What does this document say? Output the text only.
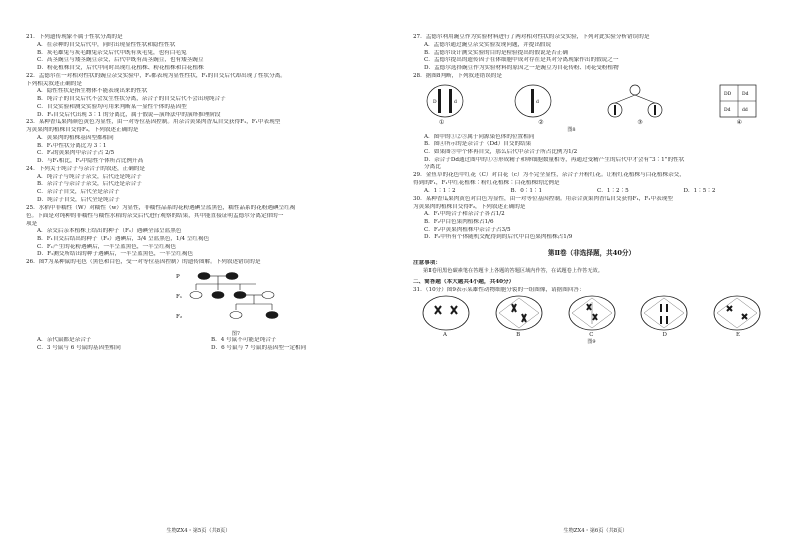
21．下列遗传现象不属于性状分离的是
A．在杂种的自交后代中，同时出现显性性状和隐性性状
B．灰毛雄兔与灰毛雌兔杂交后代中既有灰毛兔，也有白毛兔
C．高茎豌豆与矮茎豌豆杂交，后代中既有高茎豌豆，也有矮茎豌豆
D．粉花植株自交，后代中同时出现红花植株、粉花植株和白花植株
22．孟德尔在一对相对性状的豌豆杂交实验中，F₁都表现为显性性状，F₁的自交后代却出现了性状分离。
下列相关叙述正确的是
A．隐性性状是指生物体不能表现出来的性状
B．纯合子的自交后代不会发生性状分离，杂合子的自交后代不会出现纯合子
C．自交实验和测交实验均可用来判断某一显性个体的基因型
D．F₁自交后代出现 3∶1 的分离比，属于假说—演绎法中的演绎推理阶段
23．某种香瓜果肉颜色黄色为显性，由一对等位基因控制。用杂合黄果肉香瓜自交获得F₁，F₁中表现型
为黄果肉的植株自交得F₂，下列叙述正确的是
A．黄果肉的植株基因型都相同
B．F₁中性状分离比为 3∶1
C．F₂的黄果肉中杂合子占 2/5
D．与F₁相比，F₂中隐性个体所占比例升高
24．下列关于纯合子与杂合子的叙述，正确的是
A．纯合子与纯合子杂交，后代还是纯合子
B．杂合子与杂合子杂交，后代还是杂合子
C．杂合子自交，后代全是杂合子
D．纯合子自交，后代全是纯合子
25．水稻中非糯性（W）对糯性（w）为显性，非糯性品系的花粉遇碘呈蓝黑色，糯性品系的花粉遇碘呈红褐
色。下面是对纯种的非糯性与糯性水稻的杂交后代进行观察的结果，其中能直接证明孟德尔分离定律的一
项是
A．杂交后亲本植株上结出的种子（F₁）遇碘全部呈蓝黑色
B．F₁自交后结出的种子（F₂）遇碘后，3/4 呈蓝黑色，1/4 呈红褐色
C．F₁产生的花粉遇碘后，一半呈蓝黑色，一半呈红褐色
D．F₁测交所结出的种子遇碘后，一半呈蓝黑色，一半呈红褐色
26．图7为某种鼠的毛色（黑色和白色，受一对等位基因控制）的遗传图解。下列叙述错误的是
P
F₁
F₂
图7
A．亲代鼠都是杂合子	B．4 号鼠不可能是纯合子
C．3 号鼠与 6 号鼠的基因型相同	D．6 号鼠与 7 号鼠的基因型一定相同
生物ZX4・第5页（共8页）
27．孟德尔利用豌豆作为实验材料进行了两对相对性状的杂交实验，下列对此实验分析错误的是
A．孟德尔通过豌豆杂交实验发现问题，并提出假说
B．孟德尔设计测交实验的目的是检验提出的假说是否正确
C．孟德尔提出的遗传因子在体细胞中成对存在是其对分离现象作出的假说之一
D．孟德尔选择豌豆作为实验材料的原因之一是豌豆为自花传粉、闭花受粉植物
28．据图8判断，下列叙述错误的是
D	d	d
DD Dd
Dd	dd
①	②	③	④
图8
A．图中的①②③属于同源染色体的位置相同
B．图④所示的是杂合子（Dd）自交的结果
C．如果图③中个体再自交，那么后代中杂合子所占比例为1/2
D．杂合子Dd通过图中的①③形成精子和卵细胞数量相等，再通过受精产生的后代中才会有“3∶1”的性状
分离比
29．金鱼草的花色中红花（C）对白花（c）为不完全显性，杂合子开粉红花。让粉红花植株与白花植株杂交，
得到的F₁，F₁中红花植株∶粉红花植株∶白花植株的比例是
A．1∶1∶2	B．0∶1∶1	C．1∶2∶5	D．1∶5∶2
30．某种香瓜果肉黄色对白色为显性，由一对等位基因控制。用杂合黄果肉香瓜自交获得F₁，F₁中表现型
为黄果肉的植株自交得F₂，下列叙述正确的是
A．F₁中纯合子和杂合子各占1/2
B．F₂中白色果肉植株占1/6
C．F₂中黄果肉植株中杂合子占3/5
D．F₂中所有个体随机交配得到的后代中白色果肉植株占1/9
第Ⅱ卷（非选择题，共40分）
注意事项：
第Ⅱ卷用黑色碳素笔在答题卡上各题的答题区域内作答，在试题卷上作答无效。
二、简答题（本大题共4小题，共40分）
31．（10分）图9表示某雄性动物细胞分裂的一组图像，请据图回答：
A	B	C	D	E
图9
生物ZX4・第6页（共8页）
